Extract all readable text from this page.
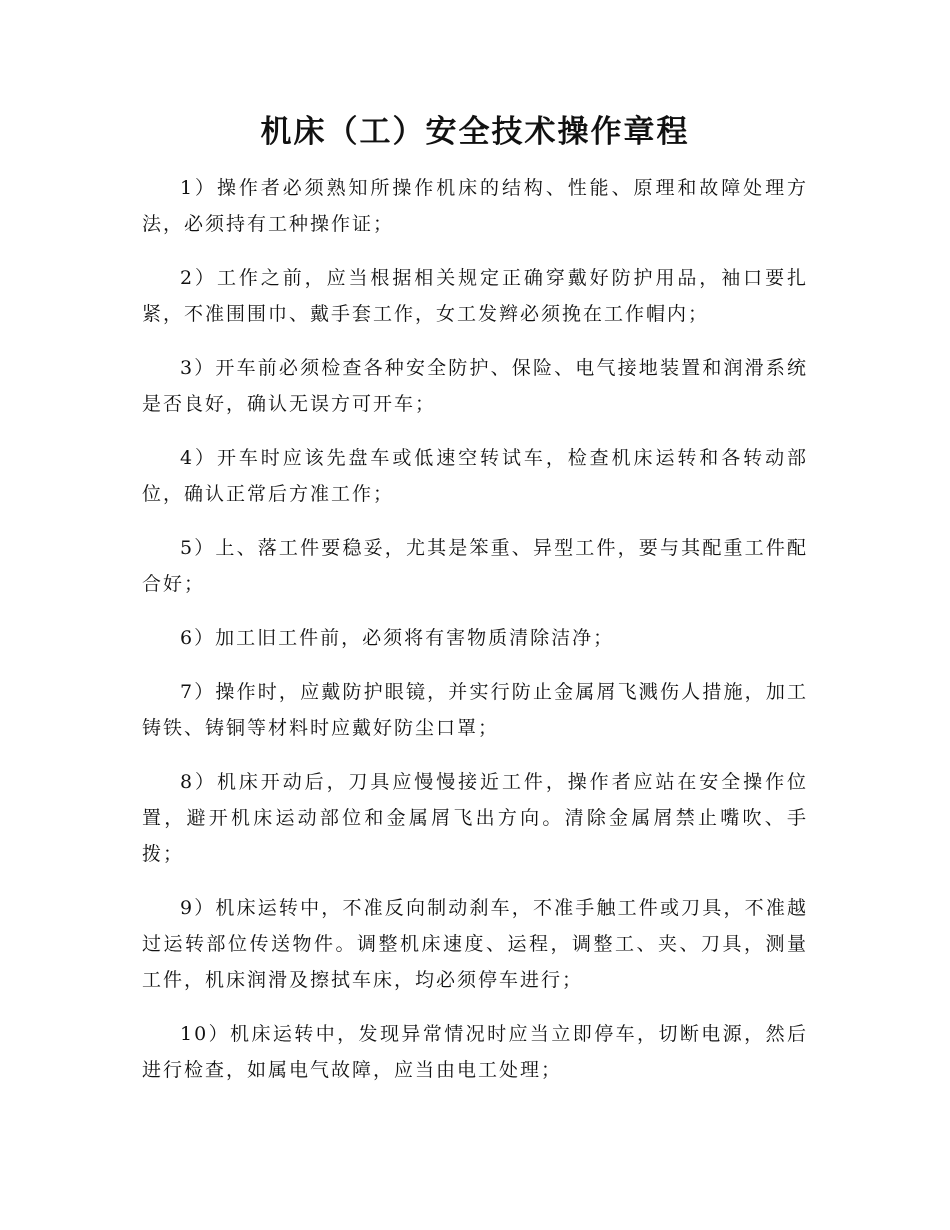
机床（工）安全技术操作章程

1）操作者必须熟知所操作机床的结构、性能、原理和故障处理方法，必须持有工种操作证；

2）工作之前，应当根据相关规定正确穿戴好防护用品，袖口要扎紧，不准围围巾、戴手套工作，女工发辫必须挽在工作帽内；

3）开车前必须检查各种安全防护、保险、电气接地装置和润滑系统是否良好，确认无误方可开车；

4）开车时应该先盘车或低速空转试车，检查机床运转和各转动部位，确认正常后方准工作；

5）上、落工件要稳妥，尤其是笨重、异型工件，要与其配重工件配合好；

6）加工旧工件前，必须将有害物质清除洁净；

7）操作时，应戴防护眼镜，并实行防止金属屑飞溅伤人措施，加工铸铁、铸铜等材料时应戴好防尘口罩；

8）机床开动后，刀具应慢慢接近工件，操作者应站在安全操作位置，避开机床运动部位和金属屑飞出方向。清除金属屑禁止嘴吹、手拨；

9）机床运转中，不准反向制动刹车，不准手触工件或刀具，不准越过运转部位传送物件。调整机床速度、运程，调整工、夹、刀具，测量工件，机床润滑及擦拭车床，均必须停车进行；

10）机床运转中，发现异常情况时应当立即停车，切断电源，然后进行检查，如属电气故障，应当由电工处理；
